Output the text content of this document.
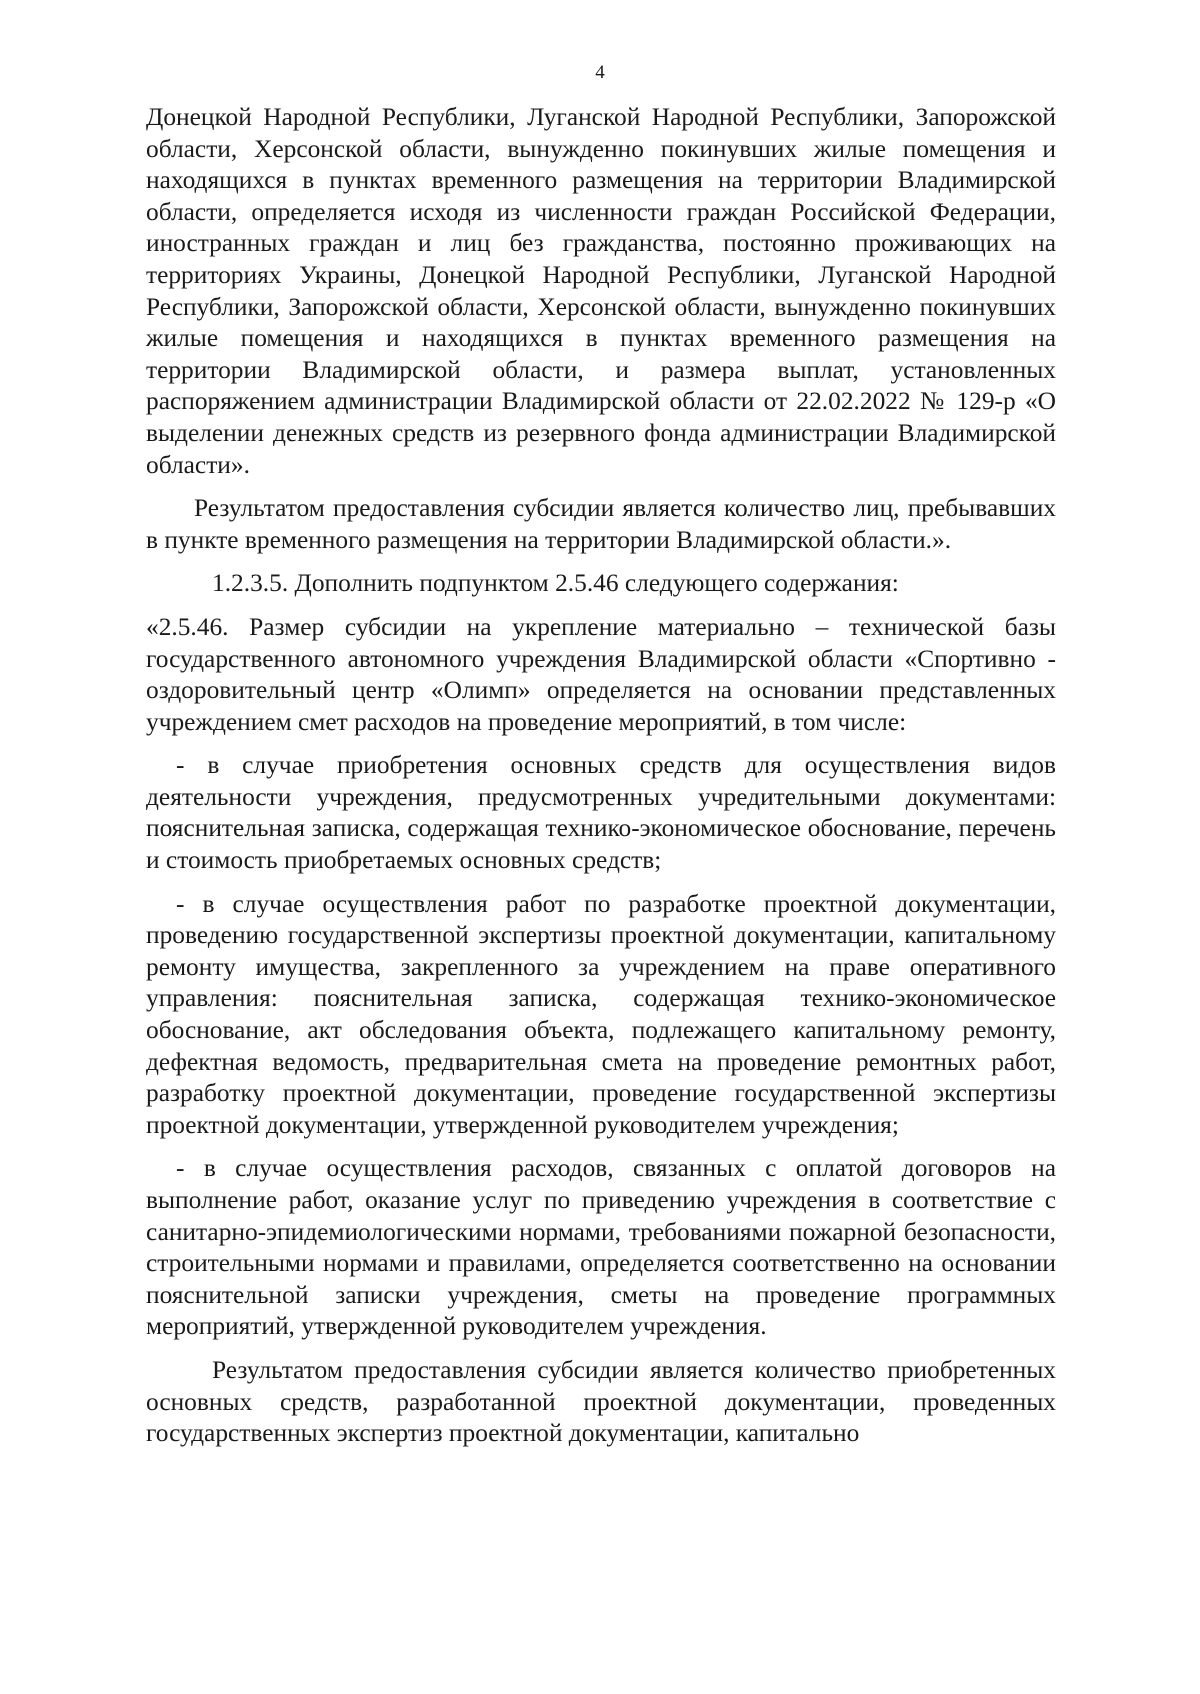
4

Донецкой Народной Республики, Луганской Народной Республики, Запорожской области, Херсонской области, вынужденно покинувших жилые помещения и находящихся в пунктах временного размещения на территории Владимирской области, определяется исходя из численности граждан Российской Федерации, иностранных граждан и лиц без гражданства, постоянно проживающих на территориях Украины, Донецкой Народной Республики, Луганской Народной Республики, Запорожской области, Херсонской области, вынужденно покинувших жилые помещения и находящихся в пунктах временного размещения на территории Владимирской области, и размера выплат, установленных распоряжением администрации Владимирской области от 22.02.2022 № 129-р «О выделении денежных средств из резервного фонда администрации Владимирской области».

Результатом предоставления субсидии является количество лиц, пребывавших в пункте временного размещения на территории Владимирской области.».

1.2.3.5. Дополнить подпунктом 2.5.46 следующего содержания:

«2.5.46. Размер субсидии на укрепление материально – технической базы государственного автономного учреждения Владимирской области «Спортивно - оздоровительный центр «Олимп» определяется на основании представленных учреждением смет расходов на проведение мероприятий, в том числе:

- в случае приобретения основных средств для осуществления видов деятельности учреждения, предусмотренных учредительными документами: пояснительная записка, содержащая технико-экономическое обоснование, перечень и стоимость приобретаемых основных средств;

- в случае осуществления работ по разработке проектной документации, проведению государственной экспертизы проектной документации, капитальному ремонту имущества, закрепленного за учреждением на праве оперативного управления: пояснительная записка, содержащая технико-экономическое обоснование, акт обследования объекта, подлежащего капитальному ремонту, дефектная ведомость, предварительная смета на проведение ремонтных работ, разработку проектной документации, проведение государственной экспертизы проектной документации, утвержденной руководителем учреждения;

- в случае осуществления расходов, связанных с оплатой договоров на выполнение работ, оказание услуг по приведению учреждения в соответствие с санитарно-эпидемиологическими нормами, требованиями пожарной безопасности, строительными нормами и правилами, определяется соответственно на основании пояснительной записки учреждения, сметы на проведение программных мероприятий, утвержденной руководителем учреждения.

Результатом предоставления субсидии является количество приобретенных основных средств, разработанной проектной документации, проведенных государственных экспертиз проектной документации, капитально
